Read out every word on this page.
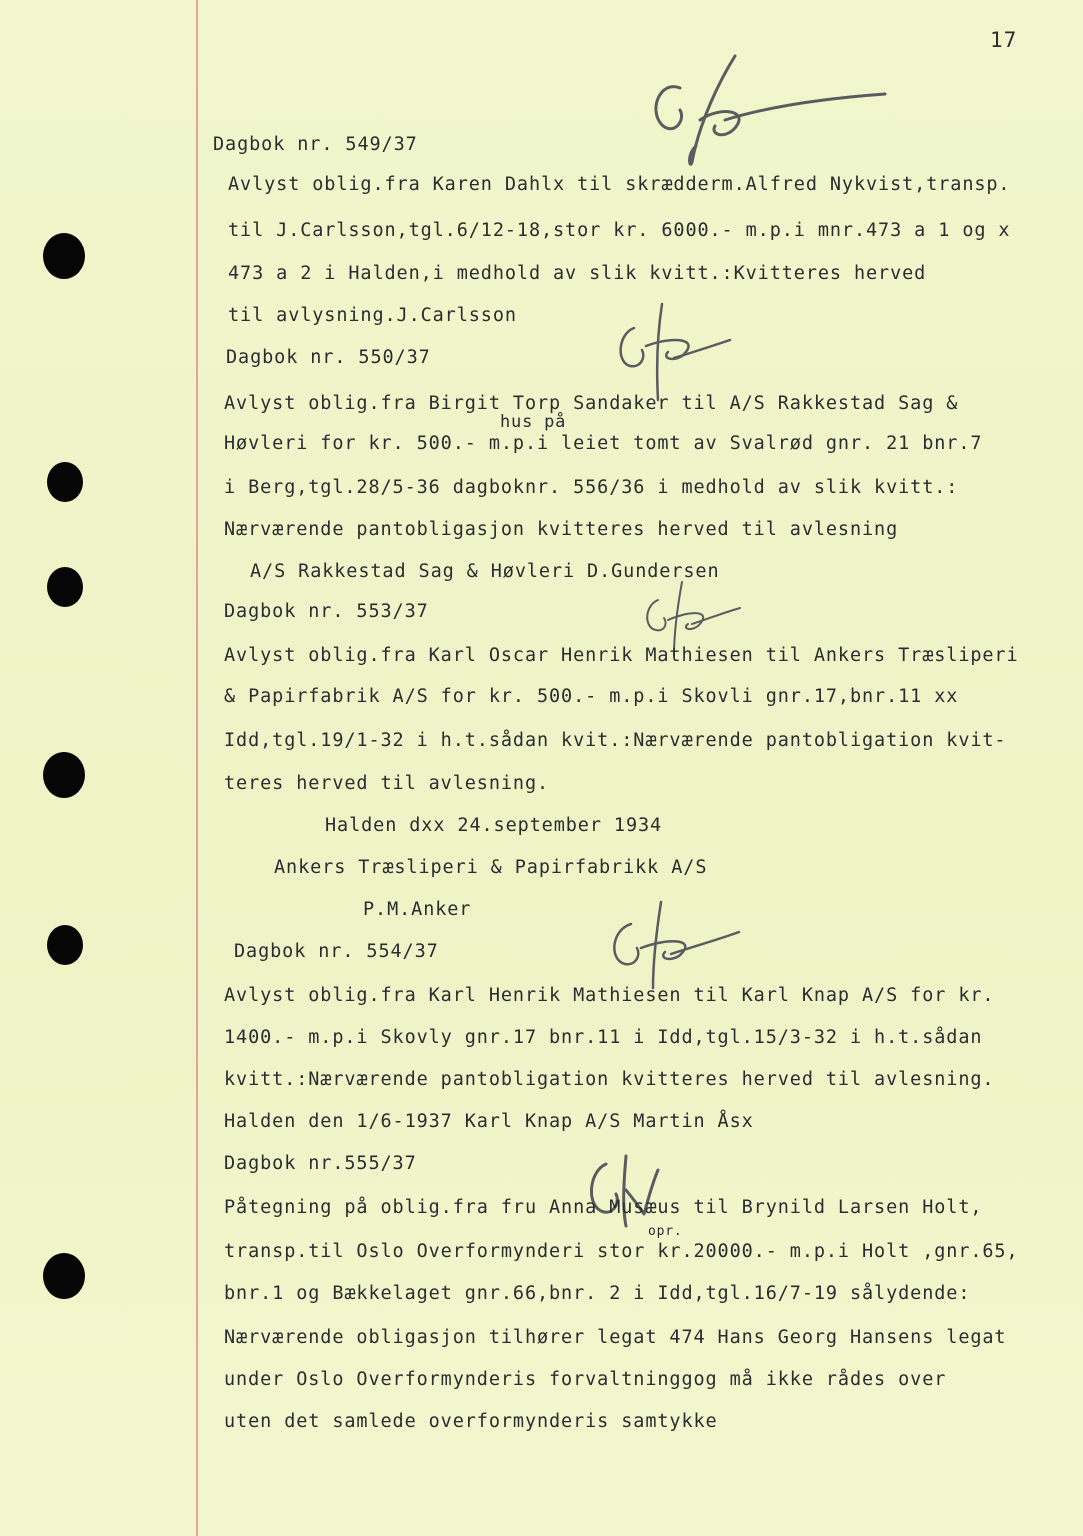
17
Dagbok nr. 549/37
Avlyst oblig.fra Karen Dahlx til skrædderm.Alfred Nykvist,transp.
til J.Carlsson,tgl.6/12-18,stor kr. 6000.- m.p.i mnr.473 a 1 og x
473 a 2 i Halden,i medhold av slik kvitt.:Kvitteres herved
til avlysning.J.Carlsson
Dagbok nr. 550/37
Avlyst oblig.fra Birgit Torp Sandaker til A/S Rakkestad Sag &
Høvleri for kr. 500.- m.p.i leiet tomt av Svalrød gnr. 21 bnr.7
i Berg,tgl.28/5-36 dagboknr. 556/36 i medhold av slik kvitt.:
Nærværende pantobligasjon kvitteres herved til avlesning
A/S Rakkestad Sag & Høvleri D.Gundersen
Dagbok nr. 553/37
Avlyst oblig.fra Karl Oscar Henrik Mathiesen til Ankers Træsliperi
& Papirfabrik A/S for kr. 500.- m.p.i Skovli gnr.17,bnr.11 xx
Idd,tgl.19/1-32 i h.t.sådan kvit.:Nærværende pantobligation kvit-
teres herved til avlesning.
Halden dxx 24.september 1934
Ankers Træsliperi & Papirfabrikk A/S
P.M.Anker
Dagbok nr. 554/37
Avlyst oblig.fra Karl Henrik Mathiesen til Karl Knap A/S for kr.
1400.- m.p.i Skovly gnr.17 bnr.11 i Idd,tgl.15/3-32 i h.t.sådan
kvitt.:Nærværende pantobligation kvitteres herved til avlesning.
Halden den 1/6-1937 Karl Knap A/S Martin Åsx
Dagbok nr.555/37
Påtegning på oblig.fra fru Anna Musæus til Brynild Larsen Holt,
transp.til Oslo Overformynderi stor kr.20000.- m.p.i Holt ,gnr.65,
bnr.1 og Bækkelaget gnr.66,bnr. 2 i Idd,tgl.16/7-19 sålydende:
Nærværende obligasjon tilhører legat 474 Hans Georg Hansens legat
under Oslo Overformynderis forvaltninggog må ikke rådes over
uten det samlede overformynderis samtykke
hus på
opr.
